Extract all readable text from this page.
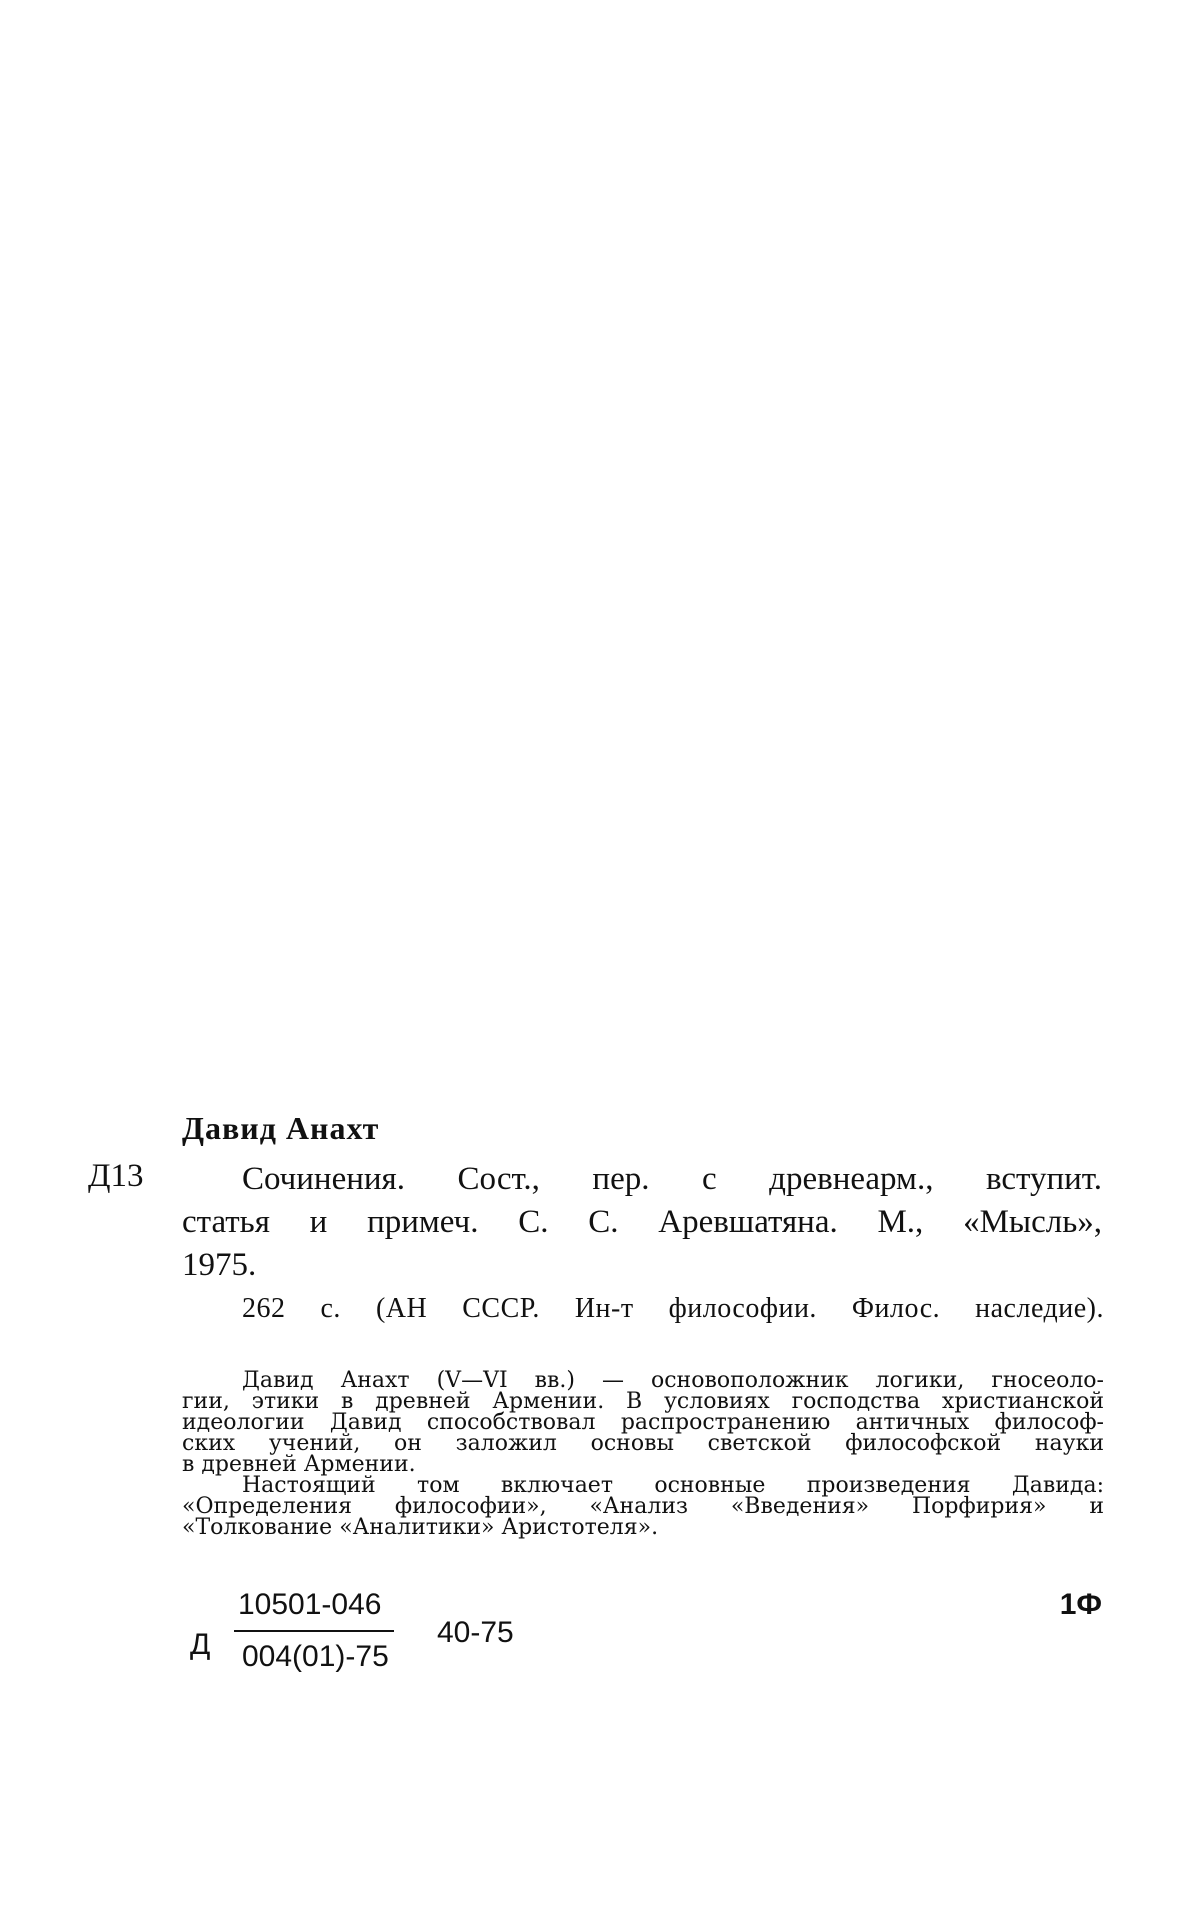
Давид Анахт
Д13	Сочинения. Сост., пер. с древнеарм., вступит.
статья и примеч. С. С. Аревшатяна. М., «Мысль»,
1975.
262 с. (АН СССР. Ин-т философии. Филос. наследие).
Давид Анахт (V—VI вв.) — основоположник логики, гносеоло-
гии, этики в древней Армении. В условиях господства христианской
идеологии Давид способствовал распространению античных философ-
ских учений, он заложил основы светской философской науки
в древней Армении.
Настоящий том включает основные произведения Давида:
«Определения философии», «Анализ «Введения» Порфирия» и
«Толкование «Аналитики» Аристотеля».
Д
10501-046
004(01)-75
40-75
1Ф
